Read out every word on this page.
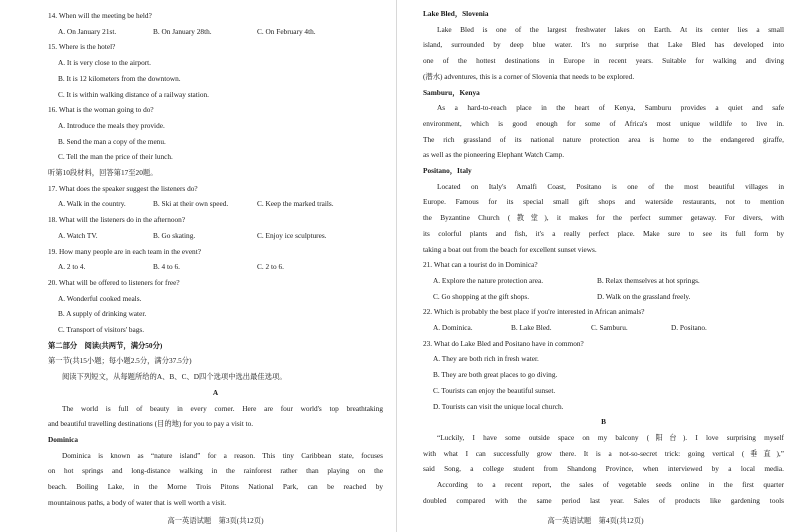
14. When will the meeting be held?
A. On January 21st.	B. On January 28th.	C. On February 4th.
15. Where is the hotel?
A. It is very close to the airport.
B. It is 12 kilometers from the downtown.
C. It is within walking distance of a railway station.
16. What is the woman going to do?
A. Introduce the meals they provide.
B. Send the man a copy of the menu.
C. Tell the man the price of their lunch.
听第10段材料，回答第17至20题。
17. What does the speaker suggest the listeners do?
A. Walk in the country.	B. Ski at their own speed.	C. Keep the marked trails.
18. What will the listeners do in the afternoon?
A. Watch TV.	B. Go skating.	C. Enjoy ice sculptures.
19. How many people are in each team in the event?
A. 2 to 4.	B. 4 to 6.	C. 2 to 6.
20. What will be offered to listeners for free?
A. Wonderful cooked meals.
B. A supply of drinking water.
C. Transport of visitors' bags.
第二部分　阅读(共两节，满分50分)
第一节(共15小题；每小题2.5分，满分37.5分)
阅读下列短文，从每题所给的A、B、C、D四个选项中选出最佳选项。
A
The world is full of beauty in every corner. Here are four world's top breathtaking
and beautiful travelling destinations (目的地) for you to pay a visit to.
Dominica
Dominica is known as “nature island” for a reason. This tiny Caribbean state, focuses
on hot springs and long-distance walking in the rainforest rather than playing on the
beach. Boiling Lake, in the Morne Trois Pitons National Park, can be reached by
mountainous paths, a body of water that is well worth a visit.
高一英语试题　第3页(共12页)
Lake Bled，Slovenia
Lake Bled is one of the largest freshwater lakes on Earth. At its center lies a small
island, surrounded by deep blue water. It's no surprise that Lake Bled has developed into
one of the hottest destinations in Europe in recent years. Suitable for walking and diving
(潜水) adventures, this is a corner of Slovenia that needs to be explored.
Samburu，Kenya
As a hard-to-reach place in the heart of Kenya, Samburu provides a quiet and safe
environment, which is good enough for some of Africa's most unique wildlife to live in.
The rich grassland of its national nature protection area is home to the endangered giraffe,
as well as the pioneering Elephant Watch Camp.
Positano，Italy
Located on Italy's Amalfi Coast, Positano is one of the most beautiful villages in
Europe. Famous for its special small gift shops and waterside restaurants, not to mention
the Byzantine Church (教堂), it makes for the perfect summer getaway. For divers, with
its colorful plants and fish, it's a really perfect place. Make sure to see its full form by
taking a boat out from the beach for excellent sunset views.
21. What can a tourist do in Dominica?
A. Explore the nature protection area.	B. Relax themselves at hot springs.
C. Go shopping at the gift shops.	D. Walk on the grassland freely.
22. Which is probably the best place if you're interested in African animals?
A. Dominica.	B. Lake Bled.	C. Samburu.	D. Positano.
23. What do Lake Bled and Positano have in common?
A. They are both rich in fresh water.
B. They are both great places to go diving.
C. Tourists can enjoy the beautiful sunset.
D. Tourists can visit the unique local church.
B
“Luckily, I have some outside space on my balcony (阳台). I love surprising myself
with what I can successfully grow there. It is a not-so-secret trick: going vertical (垂直),”
said Song, a college student from Shandong Province, when interviewed by a local media.
According to a recent report, the sales of vegetable seeds online in the first quarter
doubled compared with the same period last year. Sales of products like gardening tools
高一英语试题　第4页(共12页)
